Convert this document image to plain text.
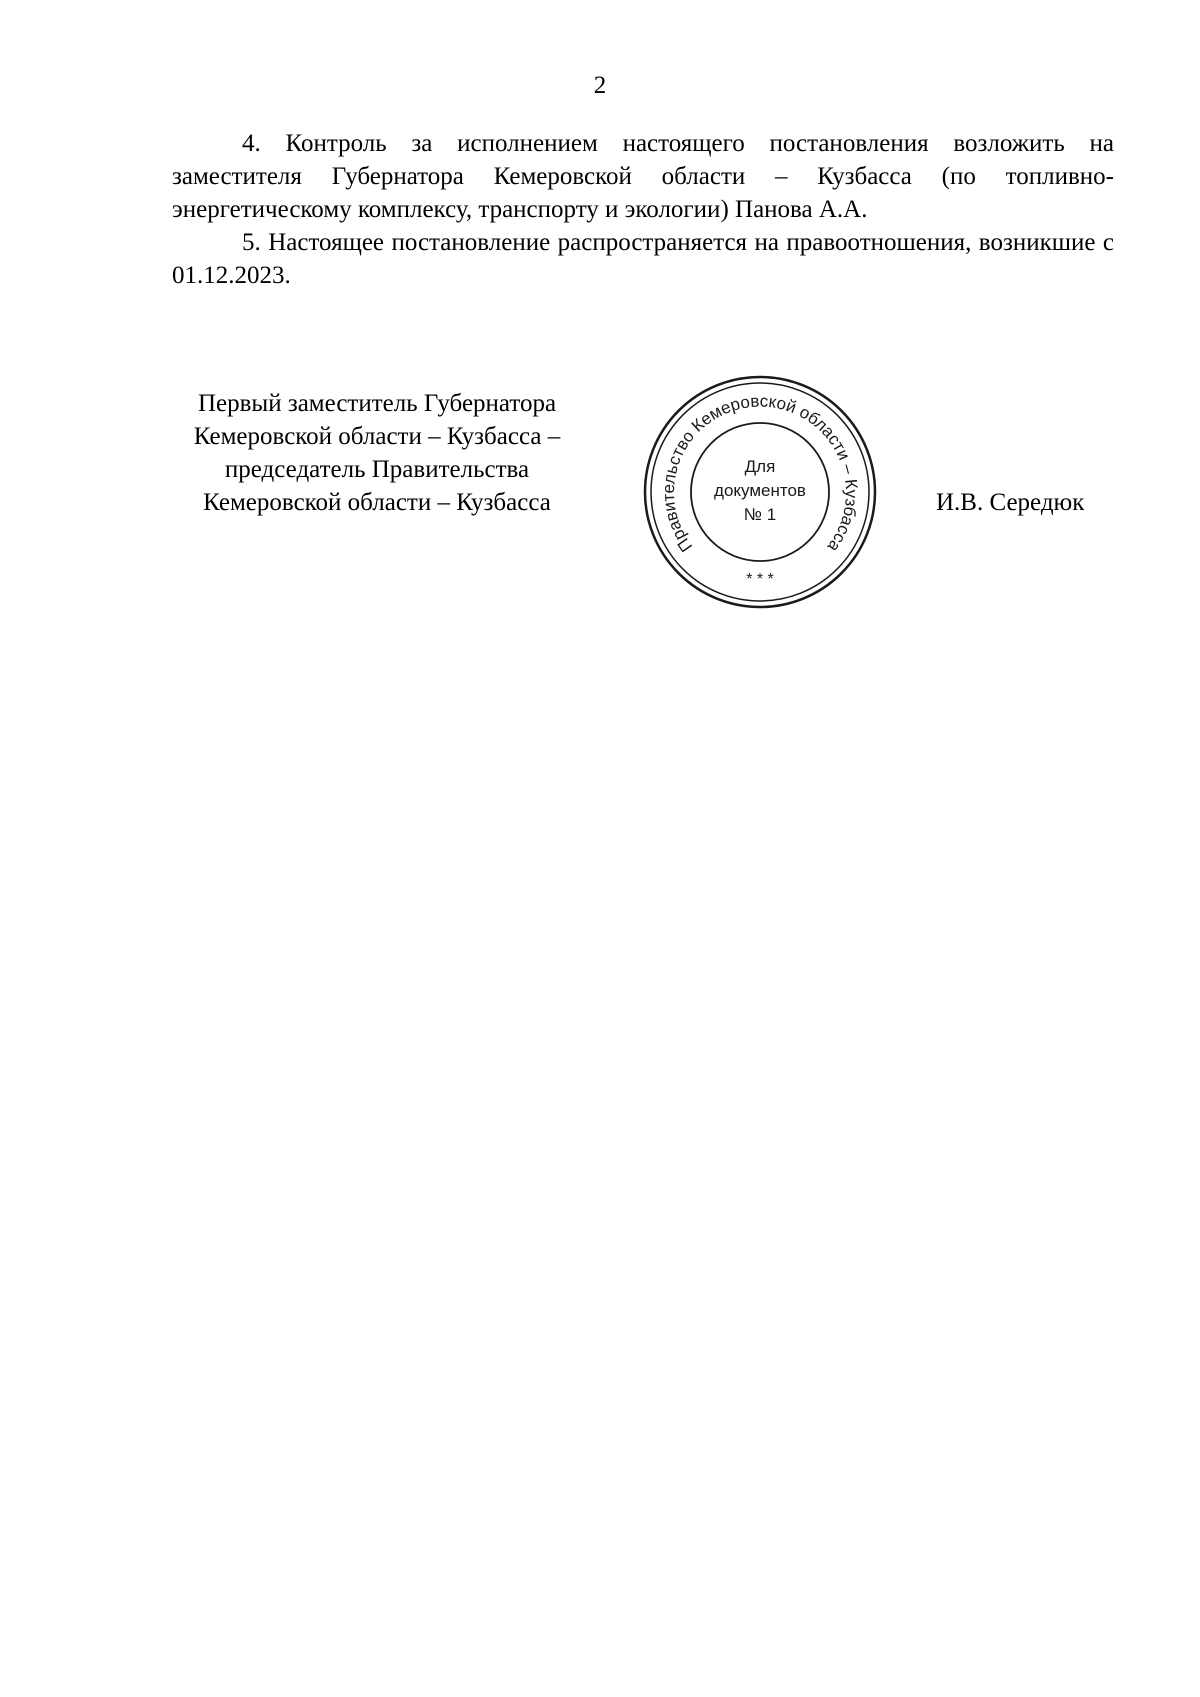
2

4. Контроль за исполнением настоящего постановления возложить на заместителя Губернатора Кемеровской области – Кузбасса (по топливно-энергетическому комплексу, транспорту и экологии) Панова А.А.

5. Настоящее постановление распространяется на правоотношения, возникшие с 01.12.2023.

Первый заместитель Губернатора
Кемеровской области – Кузбасса –
председатель Правительства
Кемеровской области – Кузбасса
Правительство Кемеровской области – Кузбасса
* * *
Для
документов
№ 1	И.В. Середюк
